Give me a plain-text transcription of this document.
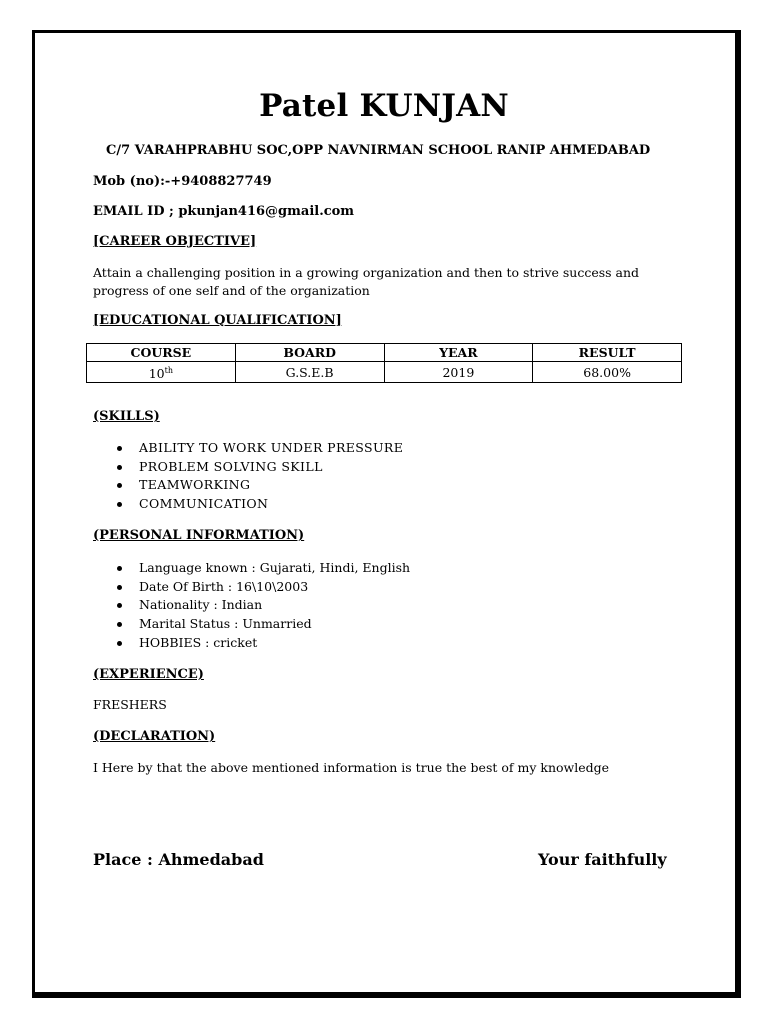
Patel KUNJAN
C/7 VARAHPRABHU SOC,OPP NAVNIRMAN SCHOOL RANIP AHMEDABAD
Mob (no):-+9408827749
EMAIL ID ; pkunjan416@gmail.com
[CAREER OBJECTIVE]
Attain a challenging position in a growing organization and then to strive success and progress of one self and of the organization
[EDUCATIONAL QUALIFICATION]
COURSE	BOARD	YEAR	RESULT
10th	G.S.E.B	2019	68.00%
(SKILLS)
ABILITY TO WORK UNDER PRESSURE
PROBLEM SOLVING SKILL
TEAMWORKING
COMMUNICATION
(PERSONAL INFORMATION)
Language known : Gujarati, Hindi, English
Date Of Birth : 16\10\2003
Nationality : Indian
Marital Status : Unmarried
HOBBIES : cricket
(EXPERIENCE)
FRESHERS
(DECLARATION)
I Here by that the above mentioned information is true the best of my knowledge
Place : Ahmedabad	Your faithfully
